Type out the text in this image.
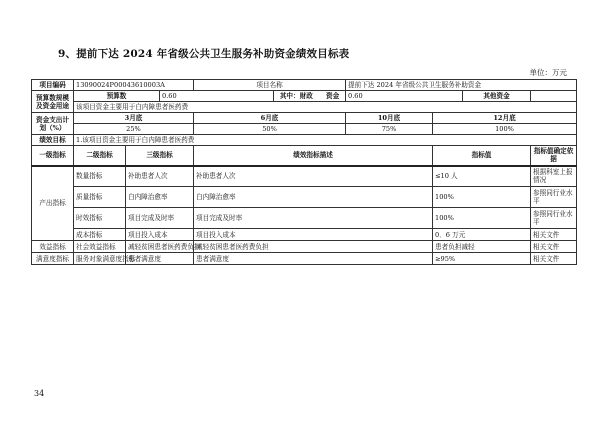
9、提前下达 2024 年省级公共卫生服务补助资金绩效目标表
单位：万元
项目编码	13090024P00043610003A			项目名称		提前下达 2024 年省级公共卫生服务补助资金			
预算数规模及资金用途	预算数		0.60		其中：财政　　资金	0.60		其他资金	
	该项目资金主要用于白内障患者医药费								
资金支出计划（%）	3月底			6月底		10月底	12月底		
	25%			50%		75%	100%		
绩效目标	1.该项目资金主要用于白内障患者医药费								
一级指标	二级指标	三级指标		绩效指标描述			指标值		指标值确定依据
产出指标	数量指标	补助患者人次		补助患者人次			≤10 人		根据科室上报情况
	质量指标	白内障治愈率		白内障治愈率			100%		参照同行业水平
	时效指标	项目完成及时率		项目完成及时率			100%		参照同行业水平
	成本指标	项目投入成本		项目投入成本			0．6 万元		相关文件
效益指标	社会效益指标	减轻贫困患者医药费负担		减轻贫困患者医药费负担			患者负担减轻		相关文件
满意度指标	服务对象满意度指标	患者满意度		患者满意度			≥95%		相关文件
34
